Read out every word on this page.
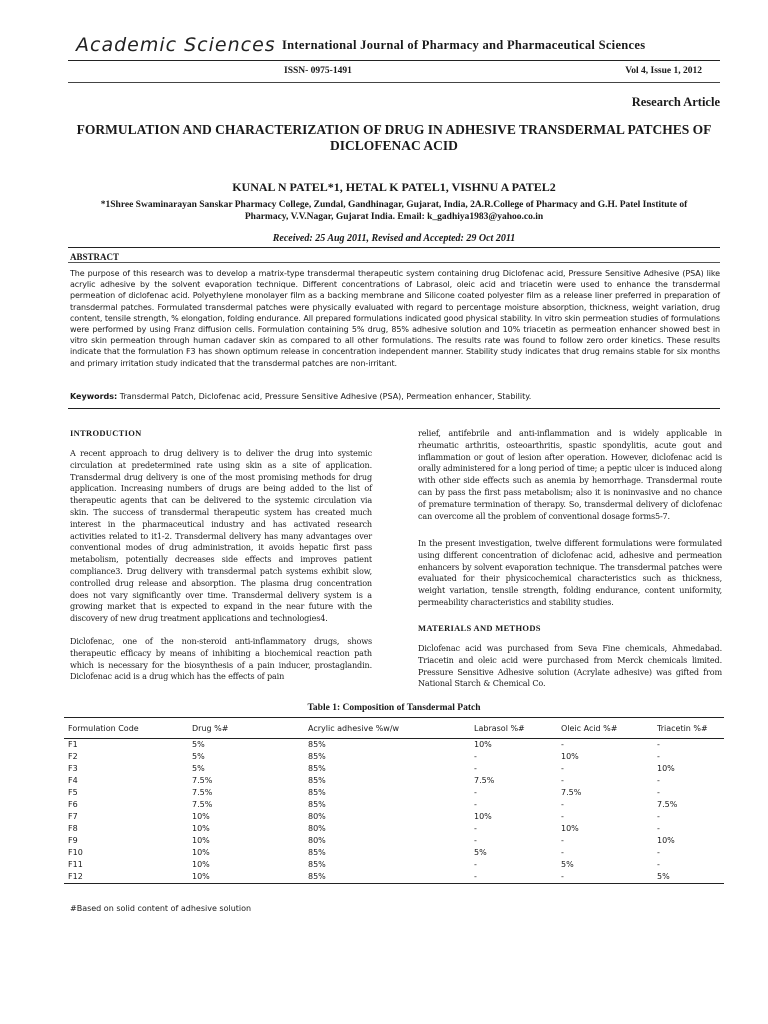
Academic Sciences International Journal of Pharmacy and Pharmaceutical Sciences
ISSN- 0975-1491	Vol 4, Issue 1, 2012
Research Article
FORMULATION AND CHARACTERIZATION OF DRUG IN ADHESIVE TRANSDERMAL PATCHES OF DICLOFENAC ACID
KUNAL N PATEL*1, HETAL K PATEL1, VISHNU A PATEL2
*1Shree Swaminarayan Sanskar Pharmacy College, Zundal, Gandhinagar, Gujarat, India, 2A.R.College of Pharmacy and G.H. Patel Institute of Pharmacy, V.V.Nagar, Gujarat India. Email: k_gadhiya1983@yahoo.co.in
Received: 25 Aug 2011, Revised and Accepted: 29 Oct 2011
ABSTRACT
The purpose of this research was to develop a matrix-type transdermal therapeutic system containing drug Diclofenac acid, Pressure Sensitive Adhesive (PSA) like acrylic adhesive by the solvent evaporation technique. Different concentrations of Labrasol, oleic acid and triacetin were used to enhance the transdermal permeation of diclofenac acid. Polyethylene monolayer film as a backing membrane and Silicone coated polyester film as a release liner preferred in preparation of transdermal patches. Formulated transdermal patches were physically evaluated with regard to percentage moisture absorption, thickness, weight variation, drug content, tensile strength, % elongation, folding endurance. All prepared formulations indicated good physical stability. In vitro skin permeation studies of formulations were performed by using Franz diffusion cells. Formulation containing 5% drug, 85% adhesive solution and 10% triacetin as permeation enhancer showed best in vitro skin permeation through human cadaver skin as compared to all other formulations. The results rate was found to follow zero order kinetics. These results indicate that the formulation F3 has shown optimum release in concentration independent manner. Stability study indicates that drug remains stable for six months and primary irritation study indicated that the transdermal patches are non-irritant.
Keywords: Transdermal Patch, Diclofenac acid, Pressure Sensitive Adhesive (PSA), Permeation enhancer, Stability.
INTRODUCTION
A recent approach to drug delivery is to deliver the drug into systemic circulation at predetermined rate using skin as a site of application. Transdermal drug delivery is one of the most promising methods for drug application. Increasing numbers of drugs are being added to the list of therapeutic agents that can be delivered to the systemic circulation via skin. The success of transdermal therapeutic system has created much interest in the pharmaceutical industry and has activated research activities related to it1-2. Transdermal delivery has many advantages over conventional modes of drug administration, it avoids hepatic first pass metabolism, potentially decreases side effects and improves patient compliance3. Drug delivery with transdermal patch systems exhibit slow, controlled drug release and absorption. The plasma drug concentration does not vary significantly over time. Transdermal delivery system is a growing market that is expected to expand in the near future with the discovery of new drug treatment applications and technologies4.
Diclofenac, one of the non-steroid anti-inflammatory drugs, shows therapeutic efficacy by means of inhibiting a biochemical reaction path which is necessary for the biosynthesis of a pain inducer, prostaglandin. Diclofenac acid is a drug which has the effects of pain
relief, antifebrile and anti-inflammation and is widely applicable in rheumatic arthritis, osteoarthritis, spastic spondylitis, acute gout and inflammation or gout of lesion after operation. However, diclofenac acid is orally administered for a long period of time; a peptic ulcer is induced along with other side effects such as anemia by hemorrhage. Transdermal route can by pass the first pass metabolism; also it is noninvasive and no chance of premature termination of therapy. So, transdermal delivery of diclofenac can overcome all the problem of conventional dosage forms5-7.
In the present investigation, twelve different formulations were formulated using different concentration of diclofenac acid, adhesive and permeation enhancers by solvent evaporation technique. The transdermal patches were evaluated for their physicochemical characteristics such as thickness, weight variation, tensile strength, folding endurance, content uniformity, permeability characteristics and stability studies.
MATERIALS AND METHODS
Diclofenac acid was purchased from Seva Fine chemicals, Ahmedabad. Triacetin and oleic acid were purchased from Merck chemicals limited. Pressure Sensitive Adhesive solution (Acrylate adhesive) was gifted from National Starch & Chemical Co.
Table 1: Composition of Tansdermal Patch
Formulation Code	Drug %#	Acrylic adhesive %w/w	Labrasol %#	Oleic Acid %#	Triacetin %#
F1	5%	85%	10%	-	-
F2	5%	85%	-	10%	-
F3	5%	85%	-	-	10%
F4	7.5%	85%	7.5%	-	-
F5	7.5%	85%	-	7.5%	-
F6	7.5%	85%	-	-	7.5%
F7	10%	80%	10%	-	-
F8	10%	80%	-	10%	-
F9	10%	80%	-	-	10%
F10	10%	85%	5%	-	-
F11	10%	85%	-	5%	-
F12	10%	85%	-	-	5%
#Based on solid content of adhesive solution
